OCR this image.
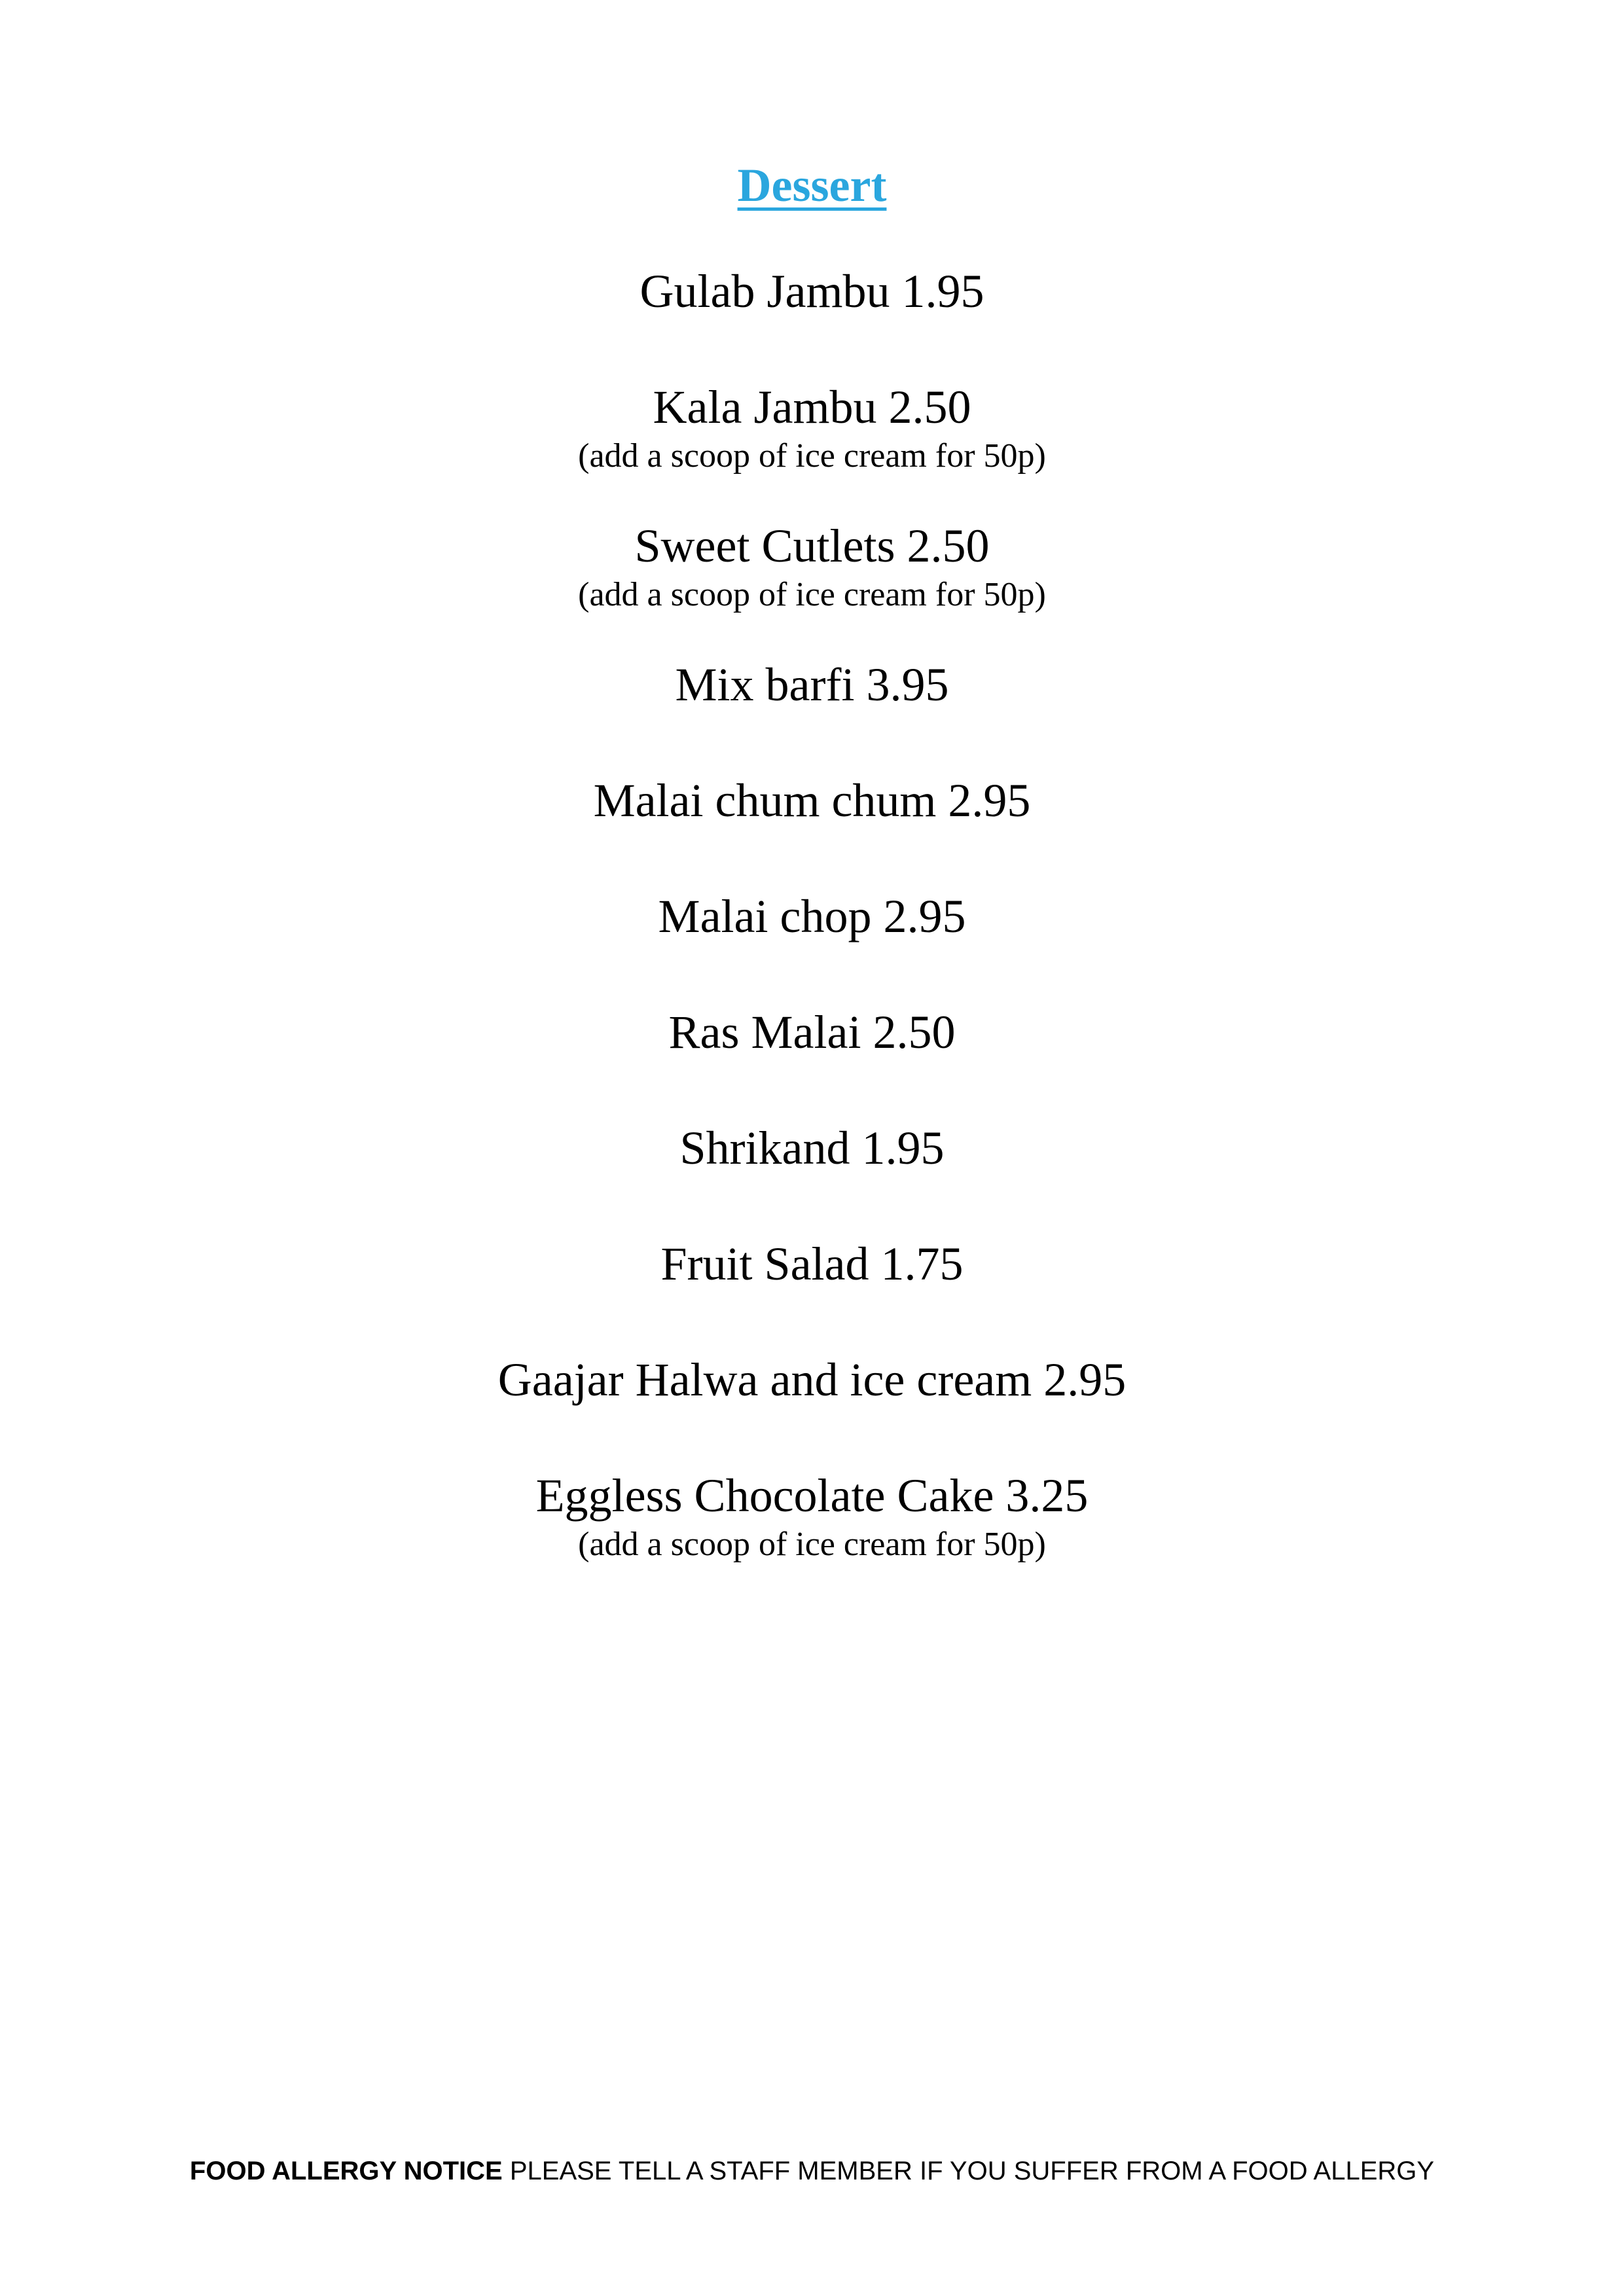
Dessert
Gulab Jambu 1.95
Kala Jambu 2.50
(add a scoop of ice cream for 50p)
Sweet Cutlets 2.50
(add a scoop of ice cream for 50p)
Mix barfi 3.95
Malai chum chum 2.95
Malai chop 2.95
Ras Malai 2.50
Shrikand 1.95
Fruit Salad 1.75
Gaajar Halwa and ice cream 2.95
Eggless Chocolate Cake 3.25
(add a scoop of ice cream for 50p)
FOOD ALLERGY NOTICE PLEASE TELL A STAFF MEMBER IF YOU SUFFER FROM A FOOD ALLERGY
